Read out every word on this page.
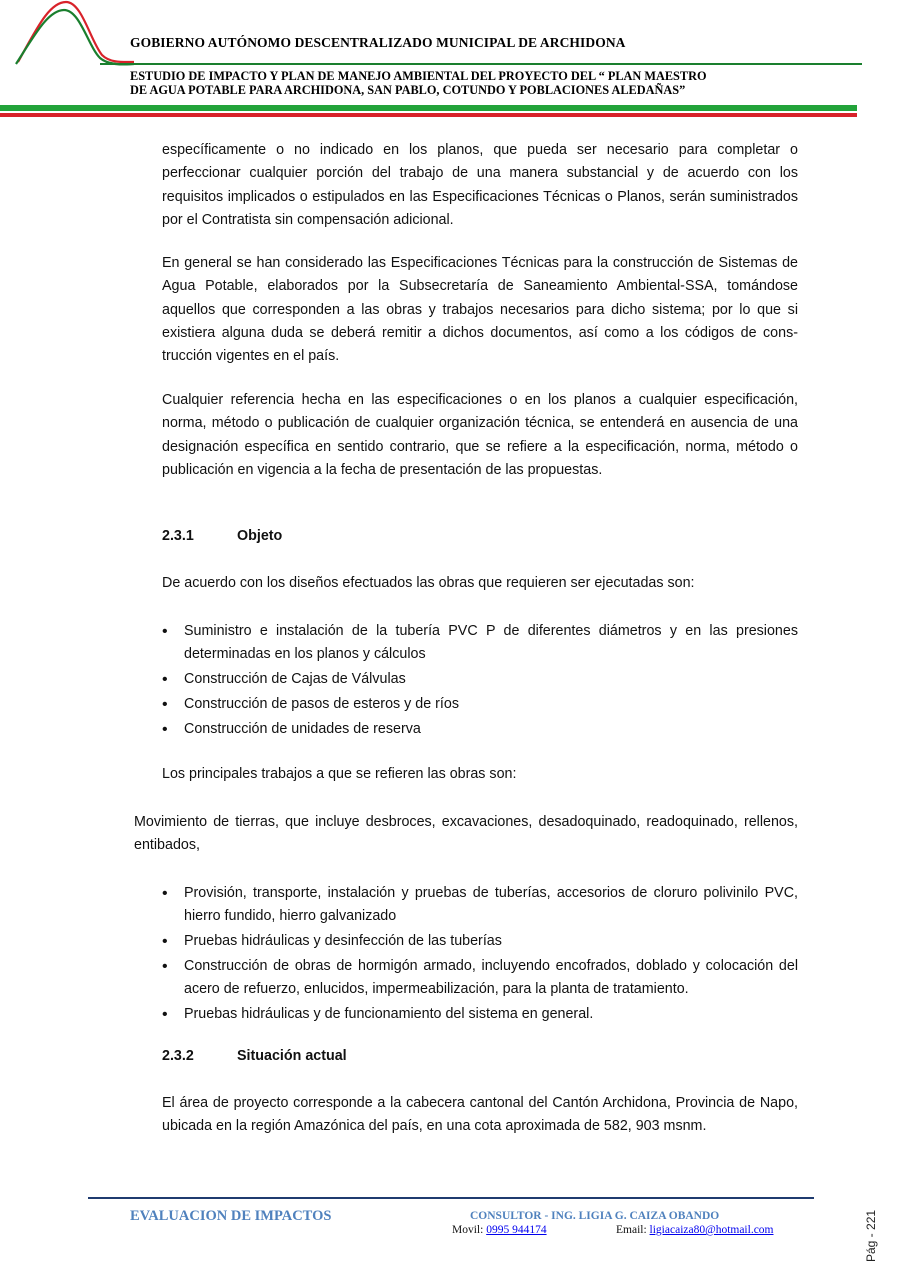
GOBIERNO AUTÓNOMO DESCENTRALIZADO MUNICIPAL DE ARCHIDONA
ESTUDIO DE IMPACTO Y PLAN DE MANEJO AMBIENTAL DEL PROYECTO DEL “ PLAN MAESTRO
DE AGUA POTABLE PARA ARCHIDONA, SAN PABLO, COTUNDO Y POBLACIONES ALEDAÑAS”

específicamente o no indicado en los planos, que pueda ser necesario para completar o perfeccionar cualquier porción del trabajo de una manera substancial y de acuerdo con los requisitos implicados o estipulados en las Especificaciones Técnicas o Planos, serán suministrados por el Contratista sin compensación adicional.

En general se han considerado las Especificaciones Técnicas para la construcción de Sistemas de Agua Potable, elaborados por la Subsecretaría de Saneamiento Ambiental-SSA, tomándose aquellos que corresponden a las obras y trabajos necesarios para dicho sistema; por lo que si existiera alguna duda se deberá remitir a dichos documentos, así como a los códigos de cons-trucción vigentes en el país.

Cualquier referencia hecha en las especificaciones o en los planos a cualquier especificación, norma, método o publicación de cualquier organización técnica, se entenderá en ausencia de una designación específica en sentido contrario, que se refiere a la especificación, norma, método o publicación en vigencia a la fecha de presentación de las propuestas.

2.3.1	Objeto

De acuerdo con los diseños efectuados las obras que requieren ser ejecutadas son:

• Suministro e instalación de la tubería PVC P de diferentes diámetros y en las presiones determinadas en los planos y cálculos
• Construcción de Cajas de Válvulas
• Construcción de pasos de esteros y de ríos
• Construcción de unidades de reserva

Los principales trabajos a que se refieren las obras son:

Movimiento de tierras, que incluye desbroces, excavaciones, desadoquinado, readoquinado, rellenos, entibados,

• Provisión, transporte, instalación y pruebas de tuberías, accesorios de cloruro polivinilo PVC, hierro fundido, hierro galvanizado
• Pruebas hidráulicas y desinfección de las tuberías
• Construcción de obras de hormigón armado, incluyendo encofrados, doblado y colocación del acero de refuerzo, enlucidos, impermeabilización, para la planta de tratamiento.
• Pruebas hidráulicas y de funcionamiento del sistema en general.
2.3.2	Situación actual

El área de proyecto corresponde a la cabecera cantonal del Cantón Archidona, Provincia de Napo, ubicada en la región Amazónica del país, en una cota aproximada de 582, 903 msnm.

EVALUACION DE IMPACTOS	CONSULTOR - ING. LIGIA G. CAIZA OBANDO
Movil: 0995 944174	Email: ligiacaiza80@hotmail.com	Pág - 221
